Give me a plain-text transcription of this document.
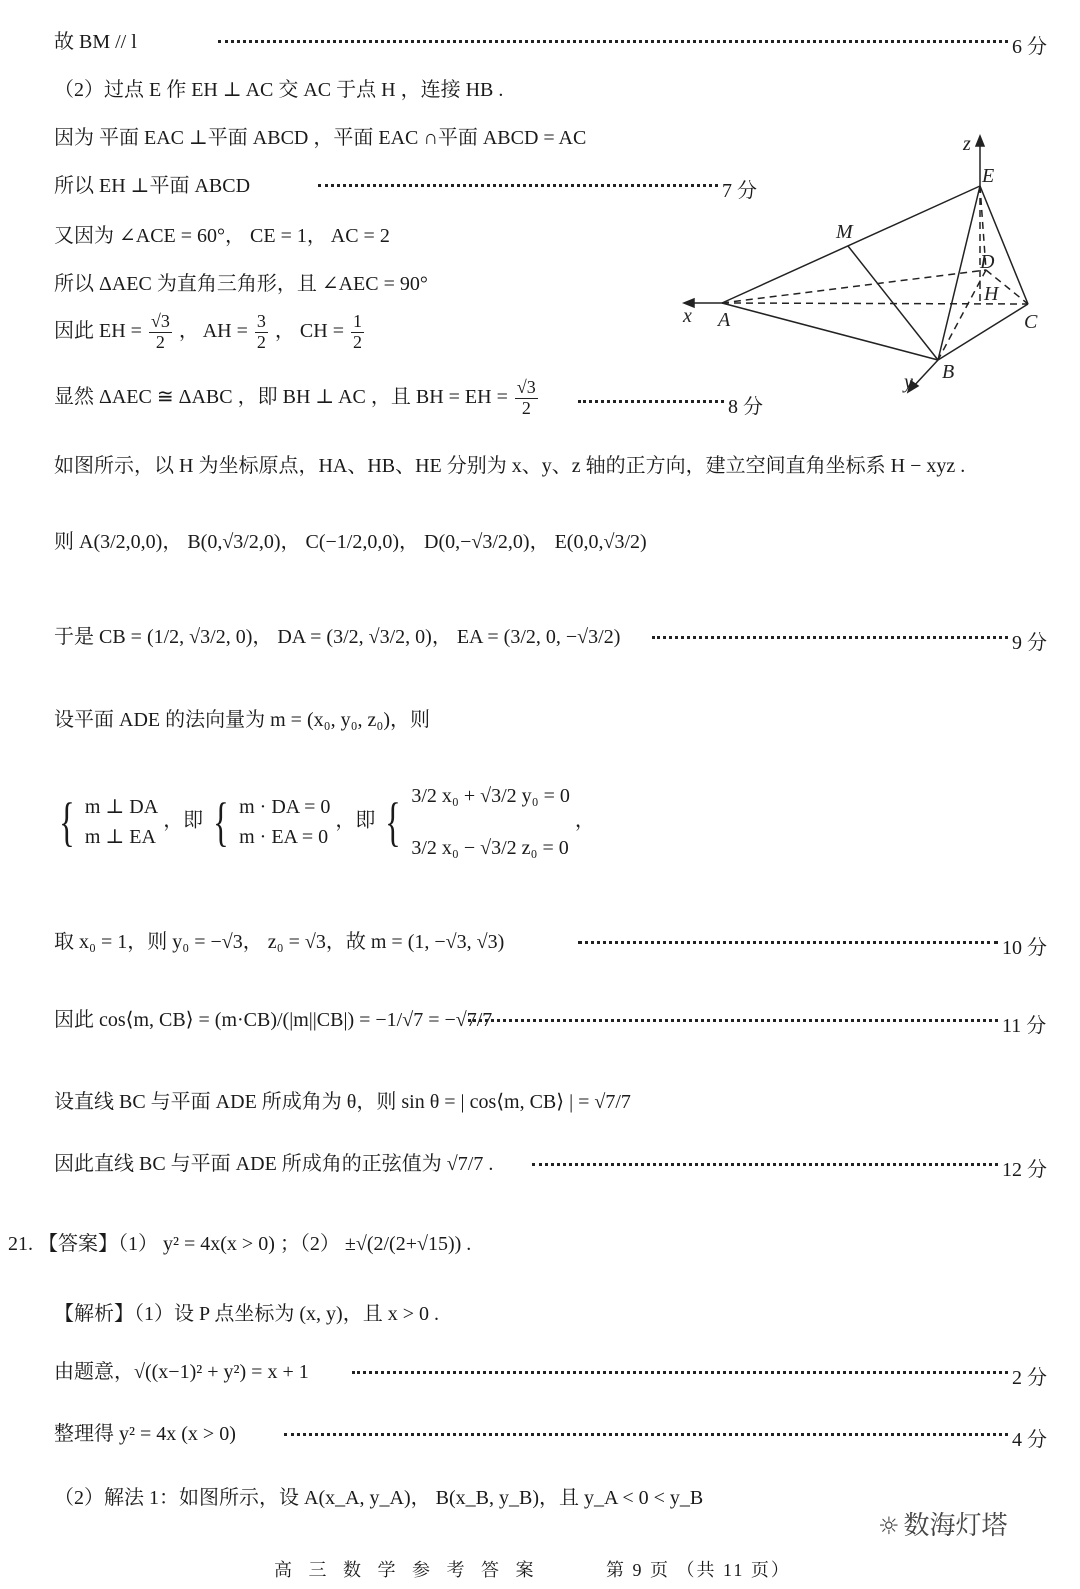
故 BM // l	6 分
（2）过点 E 作 EH ⊥ AC 交 AC 于点 H ，连接 HB .
因为 平面 EAC ⊥平面 ABCD ，平面 EAC ∩平面 ABCD = AC
所以 EH ⊥平面 ABCD	7 分
又因为 ∠ACE = 60°， CE = 1， AC = 2
所以 ΔAEC 为直角三角形，且 ∠AEC = 90°
因此 EH = $\frac{√3}{2}$ ， AH = $\frac{3}{2}$ ， CH = $\frac{1}{2}$
显然 ΔAEC ≅ ΔABC ，即 BH ⊥ AC ，且 BH = EH = $\frac{√3}{2}$	8 分
如图所示，以 H 为坐标原点，HA、HB、HE 分别为 x、y、z 轴的正方向，建立空间直角坐标系 H − xyz .
则 A(3/2,0,0)， B(0,√3/2,0)， C(−1/2,0,0)， D(0,−√3/2,0)， E(0,0,√3/2)
于是 CB = (1/2, √3/2, 0)， DA = (3/2, √3/2, 0)， EA = (3/2, 0, −√3/2)	9 分
设平面 ADE 的法向量为 m = (x₀, y₀, z₀)，则
{ m ⊥ DA
m ⊥ EA
，即 { m · DA = 0
m · EA = 0
，即 { 3/2 x₀ + √3/2 y₀ = 0
3/2 x₀ − √3/2 z₀ = 0
，
取 x₀ = 1，则 y₀ = −√3， z₀ = √3，故 m = (1, −√3, √3)	10 分
因此 cos⟨m, CB⟩ = (m·CB)/(|m||CB|) = −1/√7 = −√7/7	11 分
设直线 BC 与平面 ADE 所成角为 θ，则 sin θ = | cos⟨m, CB⟩ | = √7/7
因此直线 BC 与平面 ADE 所成角的正弦值为 √7/7 .	12 分
21. 【答案】（1） y² = 4x(x > 0) ；（2） ±√(2/(2+√15)) .
【解析】（1）设 P 点坐标为 (x, y)，且 x > 0 .
由题意，√((x−1)² + y²) = x + 1	2 分
整理得 y² = 4x (x > 0)	4 分
（2）解法 1：如图所示，设 A(x_A, y_A)， B(x_B, y_B)，且 y_A < 0 < y_B
z
E
M
D
H
x A	C
B
y
高 三 数 学 参 考 答 案	第 9 页 （共 11 页）
☼ 数海灯塔
